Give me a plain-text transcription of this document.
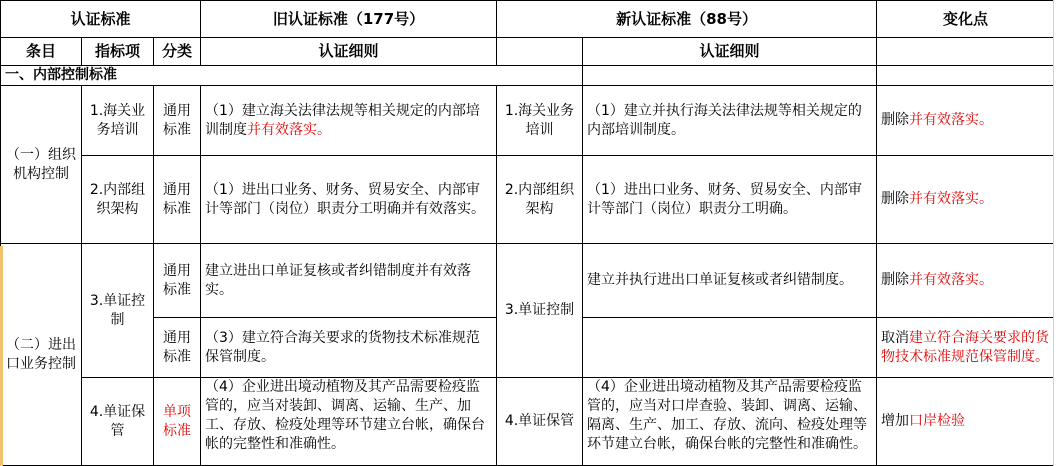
认证标准			旧认证标准（177号）	新认证标准（88号）		变化点
条目	指标项	分类	认证细则		认证细则	
一、内部控制标准						
（一）组织机构控制	1.海关业务培训	通用标准	（1）建立海关法律法规等相关规定的内部培训制度并有效落实。	1.海关业务培训	（1）建立并执行海关法律法规等相关规定的内部培训制度。	删除并有效落实。
	2.内部组织架构	通用标准	（1）进出口业务、财务、贸易安全、内部审计等部门（岗位）职责分工明确并有效落实。	2.内部组织架构	（1）进出口业务、财务、贸易安全、内部审计等部门（岗位）职责分工明确。	删除并有效落实。
（二）进出口业务控制	3.单证控制	通用标准	建立进出口单证复核或者纠错制度并有效落实。	3.单证控制	建立并执行进出口单证复核或者纠错制度。	删除并有效落实。
		通用标准	（3）建立符合海关要求的货物技术标准规范保管制度。			取消建立符合海关要求的货物技术标准规范保管制度。
	4.单证保管	单项标准	（4）企业进出境动植物及其产品需要检疫监管的，应当对装卸、调离、运输、生产、加工、存放、检疫处理等环节建立台帐，确保台帐的完整性和准确性。	4.单证保管	（4）企业进出境动植物及其产品需要检疫监管的，应当对口岸查验、装卸、调离、运输、隔离、生产、加工、存放、流向、检疫处理等环节建立台帐，确保台帐的完整性和准确性。	增加口岸检验
